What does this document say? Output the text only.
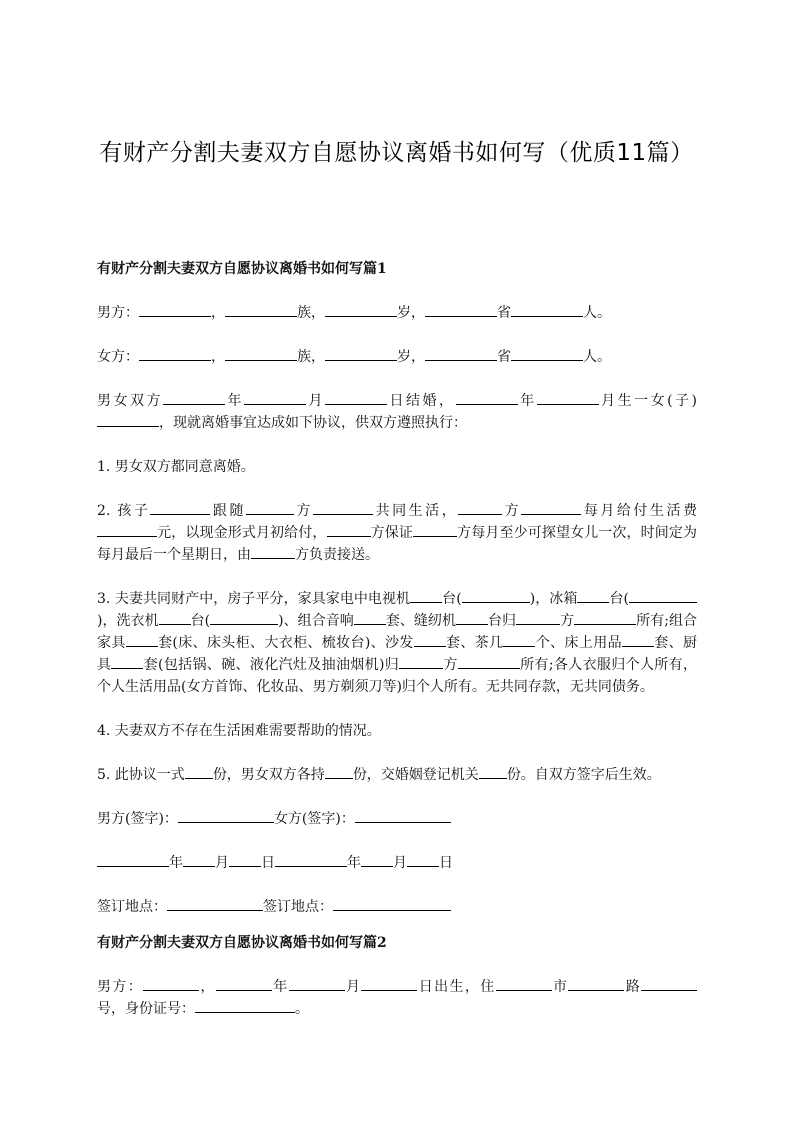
有财产分割夫妻双方自愿协议离婚书如何写（优质11篇）
有财产分割夫妻双方自愿协议离婚书如何写篇1
男方：	，	族，	岁，	省	人。
女方：	，	族，	岁，	省	人。
男女双方	年	月	日结婚，	年	月生一女(子)，现就离婚事宜达成如下协议，供双方遵照执行：
1. 男女双方都同意离婚。
2. 孩子	跟随	方	共同生活，	方	每月给付生活费元，以现金形式月初给付，	方保证	方每月至少可探望女儿一次，时间定为每月最后一个星期日，由	方负责接送。
3. 夫妻共同财产中，房子平分，家具家电中电视机 台(	)，冰箱 台()，洗衣机 台(	)、组合音响 套、缝纫机 台归	方	所有;组合家具 套(床、床头柜、大衣柜、梳妆台)、沙发 套、茶几 个、床上用品 套、厨具 套(包括锅、碗、液化汽灶及抽油烟机)归	方	所有;各人衣服归个人所有，个人生活用品(女方首饰、化妆品、男方剃须刀等)归个人所有。无共同存款，无共同债务。
4. 夫妻双方不存在生活困难需要帮助的情况。
5. 此协议一式 份，男女双方各持 份，交婚姻登记机关 份。自双方签字后生效。
男方(签字)：	女方(签字)：
年 月 日	年 月 日
签订地点：	签订地点：
有财产分割夫妻双方自愿协议离婚书如何写篇2
男方：	，	年	月	日出生，住	市	路号，身份证号：	。
